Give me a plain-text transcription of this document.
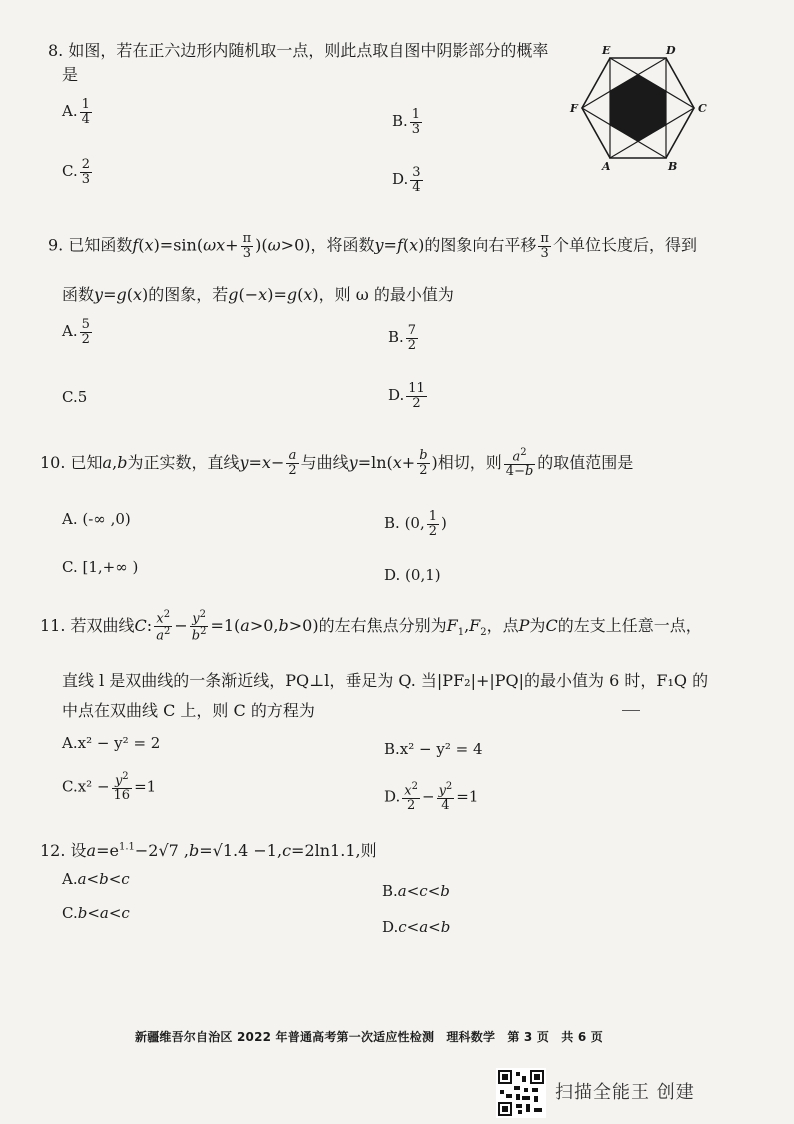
8. 如图，若在正六边形内随机取一点，则此点取自图中阴影部分的概率
是
E	D
F	C
A	B
A. $\frac{1}{4}$	B. $\frac{1}{3}$
C. $\frac{2}{3}$	D. $\frac{3}{4}$
9. 已知函数$f(x)=\sin(\omega x+ \frac{\pi}{3} )(\omega>0)$，将函数y=f(x)的图象向右平移 $\frac{\pi}{3}$ 个单位长度后，得到
函数y=g(x)的图象，若g(−x)=g(x)，则 ω 的最小值为
A. $\frac{5}{2}$	B. $\frac{7}{2}$
C.5	D. $\frac{11}{2}$
10. 已知a,b为正实数，直线$y=x- \frac{a}{2}$ 与曲线$y=\ln(x+ \frac{b}{2}$ )相切，则 $\frac{a^2}{4-b}$ 的取值范围是
A. (-∞ ,0)	B. (0, $\frac{1}{2}$ )
C. [1,+∞ )	D. (0,1)
11. 若双曲线C: $\frac{x^2}{a^2} - \frac{y^2}{b^2} =1(a>0,b>0)$的左右焦点分别为$F_1,F_2$，点P为C的左支上任意一点，
直线 l 是双曲线的一条渐近线，PQ⊥l，垂足为 Q. 当|PF₂|+|PQ|的最小值为 6 时，F₁Q 的
中点在双曲线 C 上，则 C 的方程为
A.x² − y² = 2	B.x² − y² = 4
$C.x^2 - \frac{y^2}{16} =1$
D. $\frac{x^2}{2} - \frac{y^2}{4} =1$
12. 设$a=e^{1.1}-2√7$ ,b=√1.4 −1,c=2ln1.1,则
A.a<b<c
B.a<c<b
C.b<a<c
D.c<a<b
新疆维吾尔自治区 2022 年普通高考第一次适应性检测　理科数学　第 3 页　共 6 页
扫描全能王 创建
